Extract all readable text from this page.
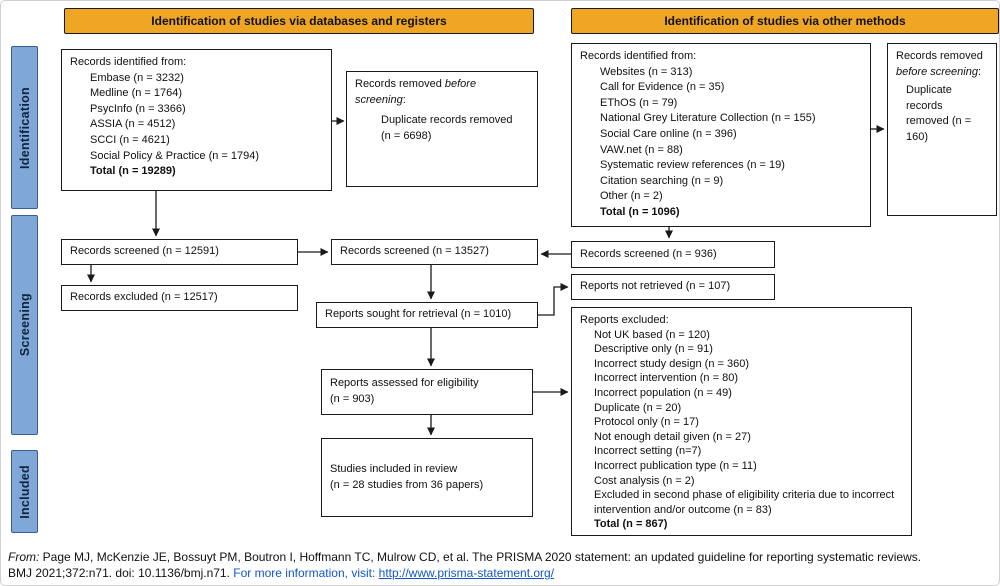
Identification of studies via databases and registers	Identification of studies via other methods
Identification
Screening
Included
Records identified from:
Embase (n = 3232)
Medline (n = 1764)
PsycInfo (n = 3366)
ASSIA (n = 4512)
SCCI (n = 4621)
Social Policy & Practice (n = 1794)
Total (n = 19289)
Records removed before screening:
Duplicate records removed
(n = 6698)
Records screened (n = 12591)	Records screened (n = 13527)
Records excluded (n = 12517)
Reports sought for retrieval (n = 1010)
Reports assessed for eligibility
(n = 903)
Studies included in review
(n = 28 studies from 36 papers)
Records identified from:
Websites (n = 313)
Call for Evidence (n = 35)
EThOS (n = 79)
National Grey Literature Collection (n = 155)
Social Care online (n = 396)
VAW.net (n = 88)
Systematic review references (n = 19)
Citation searching (n = 9)
Other (n = 2)
Total (n = 1096)
Records removed before screening:
Duplicate records removed (n = 160)
Records screened (n = 936)
Reports not retrieved (n = 107)
Reports excluded:
Not UK based (n = 120)
Descriptive only (n = 91)
Incorrect study design (n = 360)
Incorrect intervention (n = 80)
Incorrect population (n = 49)
Duplicate (n = 20)
Protocol only (n = 17)
Not enough detail given (n = 27)
Incorrect setting (n=7)
Incorrect publication type (n = 11)
Cost analysis (n = 2)
Excluded in second phase of eligibility criteria due to incorrect intervention and/or outcome (n = 83)
Total (n = 867)
From: Page MJ, McKenzie JE, Bossuyt PM, Boutron I, Hoffmann TC, Mulrow CD, et al. The PRISMA 2020 statement: an updated guideline for reporting systematic reviews.
BMJ 2021;372:n71. doi: 10.1136/bmj.n71. For more information, visit: http://www.prisma-statement.org/
